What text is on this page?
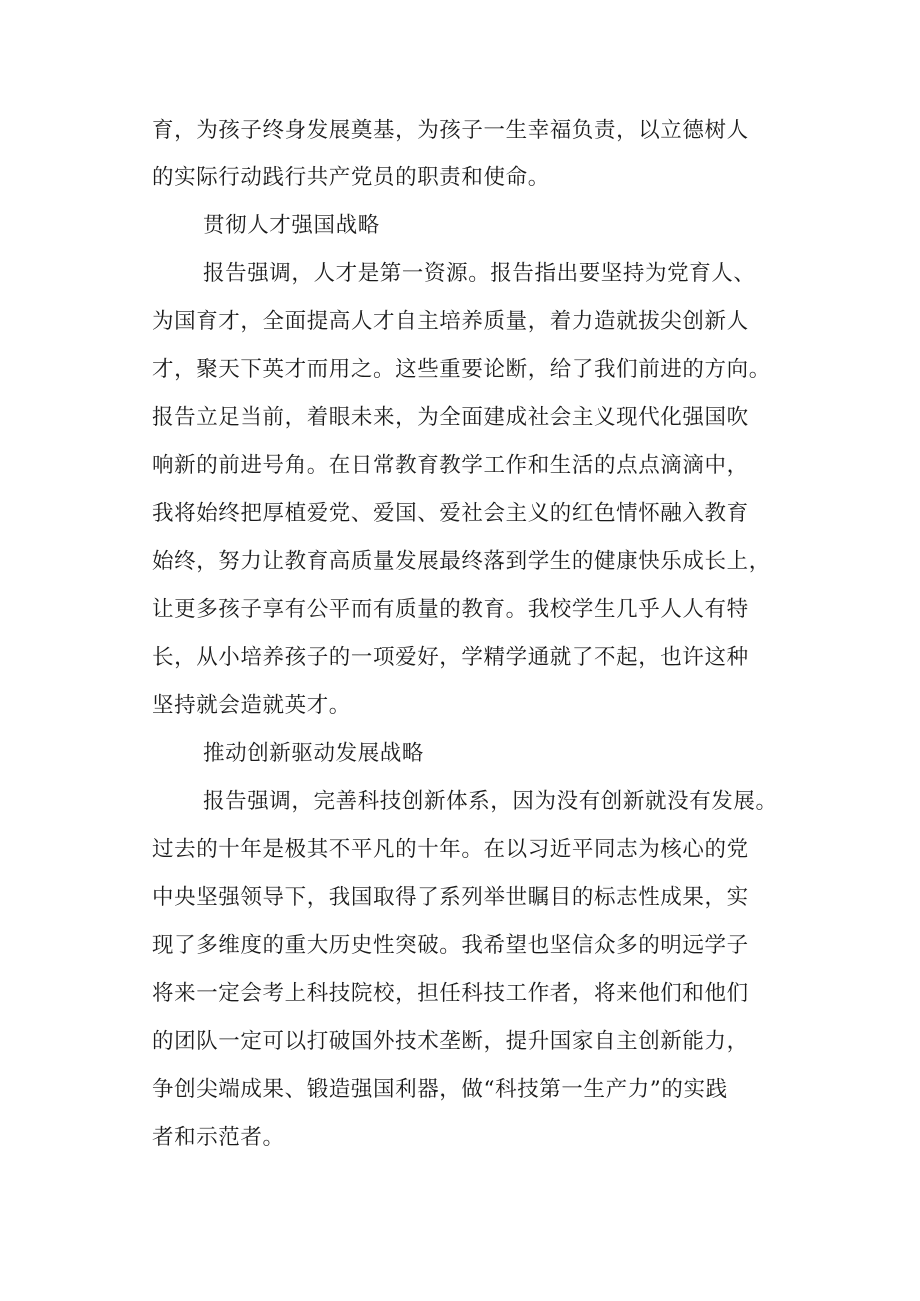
育，为孩子终身发展奠基，为孩子一生幸福负责，以立德树人
的实际行动践行共产党员的职责和使命。
贯彻人才强国战略
报告强调，人才是第一资源。报告指出要坚持为党育人、
为国育才，全面提高人才自主培养质量，着力造就拔尖创新人
才，聚天下英才而用之。这些重要论断，给了我们前进的方向。
报告立足当前，着眼未来，为全面建成社会主义现代化强国吹
响新的前进号角。在日常教育教学工作和生活的点点滴滴中，
我将始终把厚植爱党、爱国、爱社会主义的红色情怀融入教育
始终，努力让教育高质量发展最终落到学生的健康快乐成长上，
让更多孩子享有公平而有质量的教育。我校学生几乎人人有特
长，从小培养孩子的一项爱好，学精学通就了不起，也许这种
坚持就会造就英才。
推动创新驱动发展战略
报告强调，完善科技创新体系，因为没有创新就没有发展。
过去的十年是极其不平凡的十年。在以习近平同志为核心的党
中央坚强领导下，我国取得了系列举世瞩目的标志性成果，实
现了多维度的重大历史性突破。我希望也坚信众多的明远学子
将来一定会考上科技院校，担任科技工作者，将来他们和他们
的团队一定可以打破国外技术垄断，提升国家自主创新能力，
争创尖端成果、锻造强国利器，做“科技第一生产力”的实践
者和示范者。
